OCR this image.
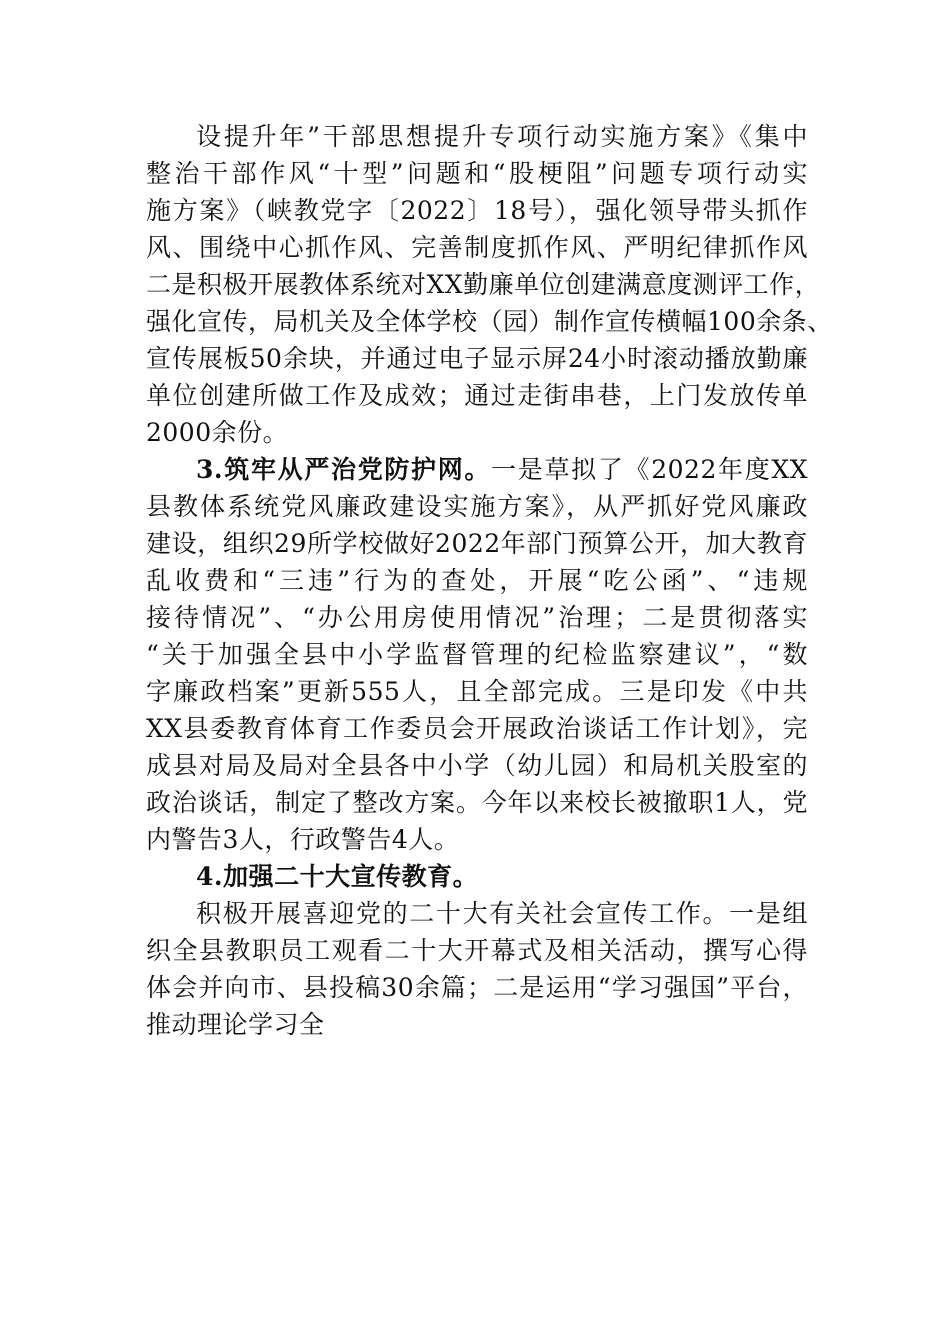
设提升年”干部思想提升专项行动实施方案》《集中
整治干部作风“十型”问题和“股梗阻”问题专项行动实
施方案》（峡教党字〔2022〕18号），强化领导带头抓作
风、围绕中心抓作风、完善制度抓作风、严明纪律抓作风
二是积极开展教体系统对XX勤廉单位创建满意度测评工作，
强化宣传，局机关及全体学校（园）制作宣传横幅100余条、
宣传展板50余块，并通过电子显示屏24小时滚动播放勤廉
单位创建所做工作及成效；通过走街串巷，上门发放传单
2000余份。
3.筑牢从严治党防护网。一是草拟了《2022年度XX
县教体系统党风廉政建设实施方案》，从严抓好党风廉政
建设，组织29所学校做好2022年部门预算公开，加大教育
乱收费和“三违”行为的查处，开展“吃公函”、“违规
接待情况”、“办公用房使用情况”治理；二是贯彻落实
“关于加强全县中小学监督管理的纪检监察建议”，“数
字廉政档案”更新555人，且全部完成。三是印发《中共
XX县委教育体育工作委员会开展政治谈话工作计划》，完
成县对局及局对全县各中小学（幼儿园）和局机关股室的
政治谈话，制定了整改方案。今年以来校长被撤职1人，党
内警告3人，行政警告4人。
4.加强二十大宣传教育。
积极开展喜迎党的二十大有关社会宣传工作。一是组
织全县教职员工观看二十大开幕式及相关活动，撰写心得
体会并向市、县投稿30余篇；二是运用“学习强国”平台，
推动理论学习全
